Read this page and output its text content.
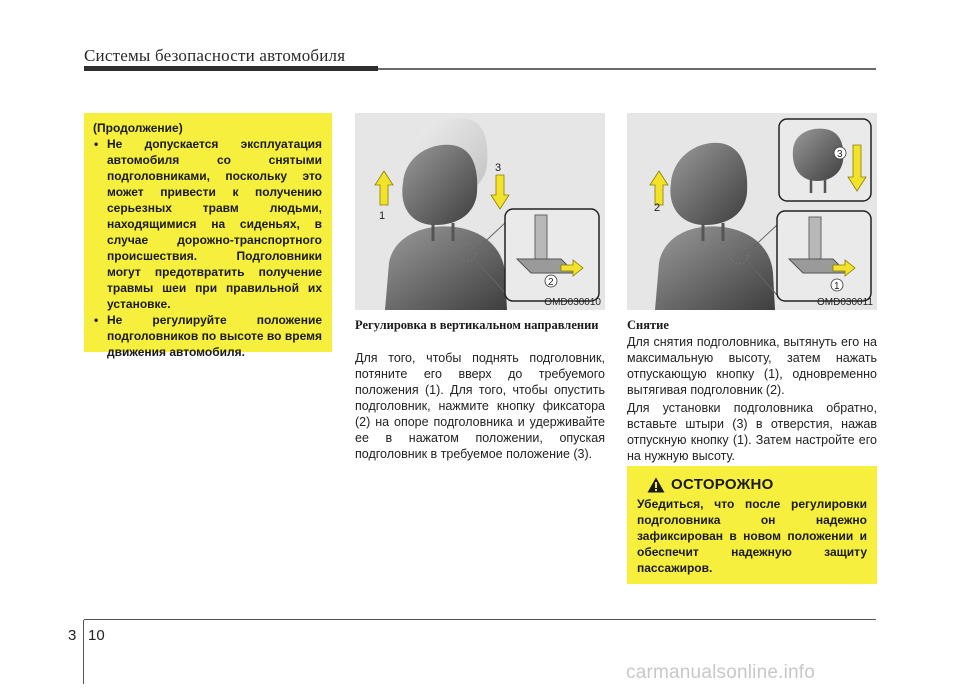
Системы безопасности автомобиля
(Продолжение)
• Не допускается эксплуатация автомобиля со снятыми подголовниками, поскольку это может привести к получению серьезных травм людьми, находящимися на сиденьях, в случае дорожно-транспортного происшествия. Подголовники могут предотвратить получение травмы шеи при правильной их установке.
• Не регулируйте положение подголовников по высоте во время движения автомобиля.
1
3
2
OMD030010
2
3
1
OMD030011
Регулировка в вертикальном направлении

Для того, чтобы поднять подголовник, потяните его вверх до требуемого положения (1). Для того, чтобы опустить подголовник, нажмите кнопку фиксатора (2) на опоре подголовника и удерживайте ее в нажатом положении, опуская подголовник в требуемое положение (3).

Снятие

Для снятия подголовника, вытянуть его на максимальную высоту, затем нажать отпускающую кнопку (1), одновременно вытягивая подголовник (2).

Для установки подголовника обратно, вставьте штыри (3) в отверстия, нажав отпускную кнопку (1). Затем настройте его на нужную высоту.

ОСТОРОЖНО
Убедиться, что после регулировки подголовника он надежно зафиксирован в новом положении и обеспечит надежную защиту пассажиров.
3 10
carmanualsonline.info
